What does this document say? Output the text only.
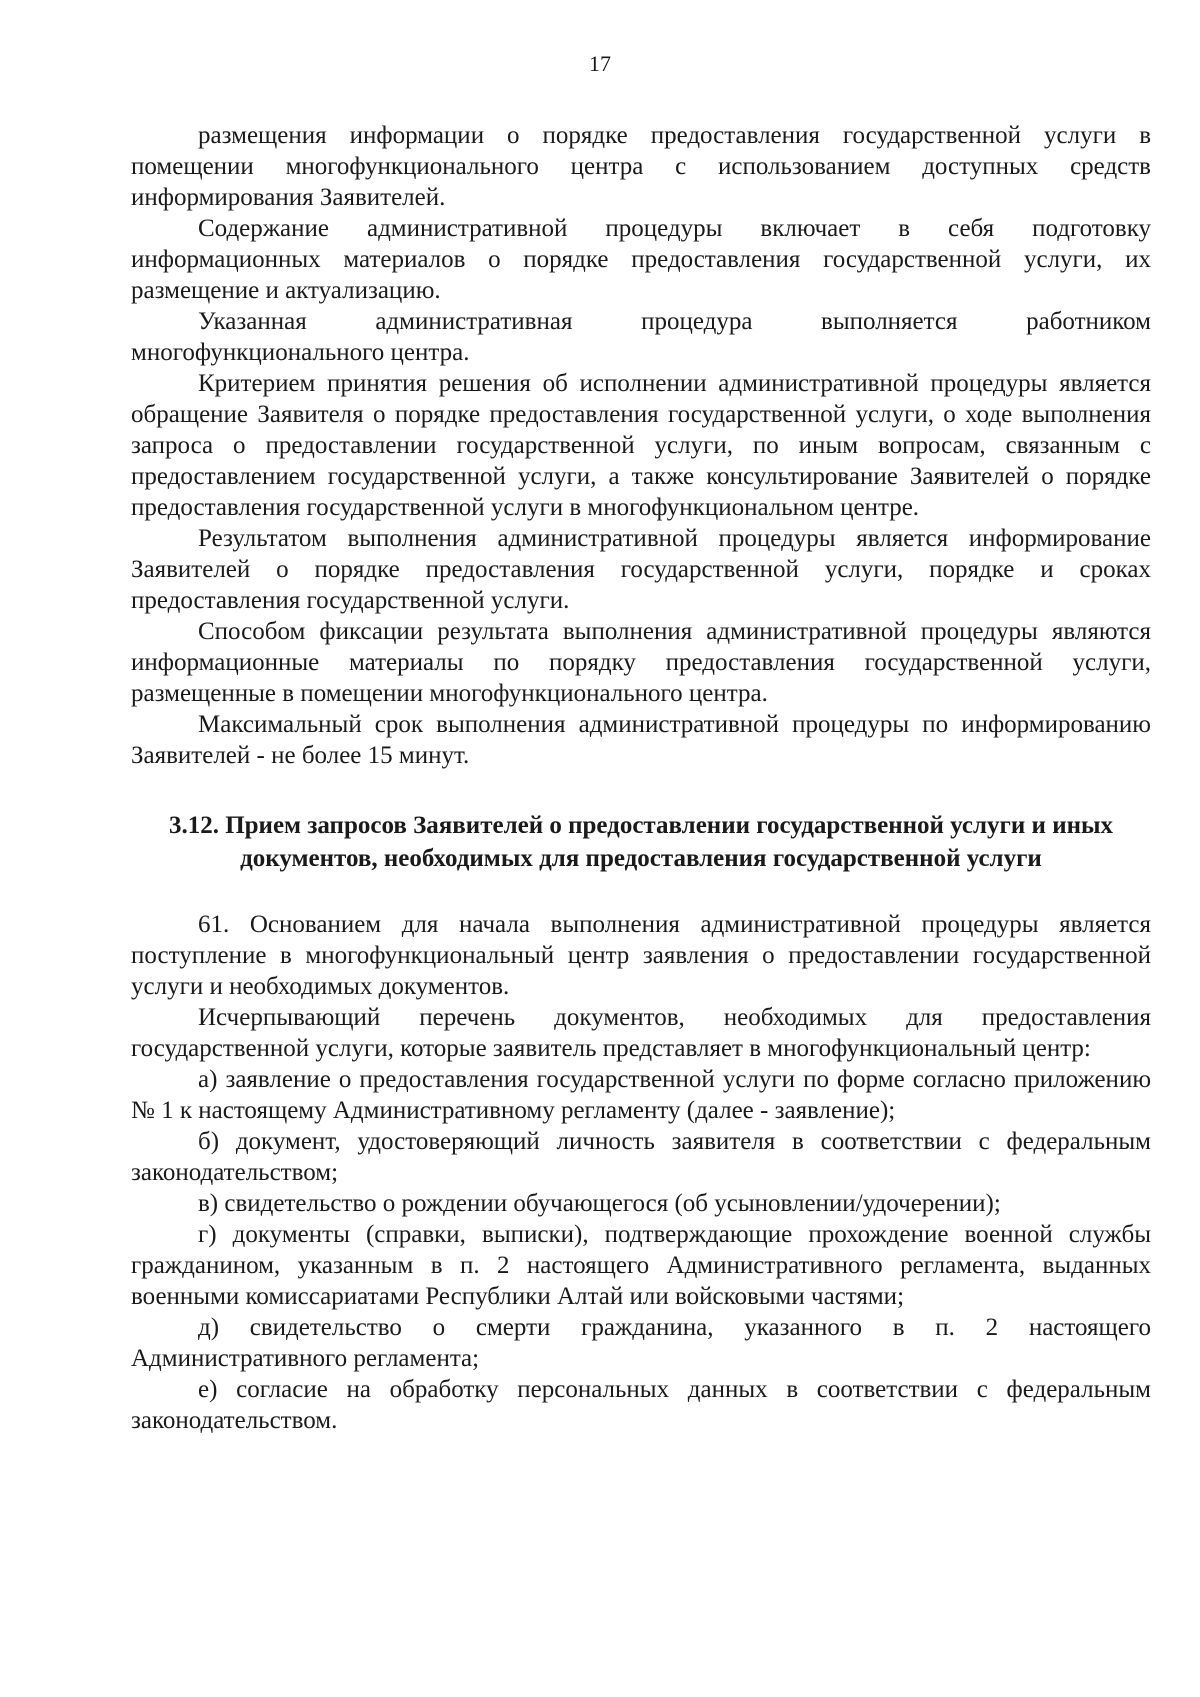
17

размещения информации о порядке предоставления государственной услуги в помещении многофункционального центра с использованием доступных средств информирования Заявителей.

Содержание административной процедуры включает в себя подготовку информационных материалов о порядке предоставления государственной услуги, их размещение и актуализацию.

Указанная административная процедура выполняется работником многофункционального центра.

Критерием принятия решения об исполнении административной процедуры является обращение Заявителя о порядке предоставления государственной услуги, о ходе выполнения запроса о предоставлении государственной услуги, по иным вопросам, связанным с предоставлением государственной услуги, а также консультирование Заявителей о порядке предоставления государственной услуги в многофункциональном центре.

Результатом выполнения административной процедуры является информирование Заявителей о порядке предоставления государственной услуги, порядке и сроках предоставления государственной услуги.

Способом фиксации результата выполнения административной процедуры являются информационные материалы по порядку предоставления государственной услуги, размещенные в помещении многофункционального центра.

Максимальный срок выполнения административной процедуры по информированию Заявителей - не более 15 минут.

3.12. Прием запросов Заявителей о предоставлении государственной услуги и иных документов, необходимых для предоставления государственной услуги

61. Основанием для начала выполнения административной процедуры является поступление в многофункциональный центр заявления о предоставлении государственной услуги и необходимых документов.

Исчерпывающий перечень документов, необходимых для предоставления государственной услуги, которые заявитель представляет в многофункциональный центр:

а) заявление о предоставления государственной услуги по форме согласно приложению № 1 к настоящему Административному регламенту (далее - заявление);

б) документ, удостоверяющий личность заявителя в соответствии с федеральным законодательством;

в) свидетельство о рождении обучающегося (об усыновлении/удочерении);

г) документы (справки, выписки), подтверждающие прохождение военной службы гражданином, указанным в п. 2 настоящего Административного регламента, выданных военными комиссариатами Республики Алтай или войсковыми частями;

д) свидетельство о смерти гражданина, указанного в п. 2 настоящего Административного регламента;

е) согласие на обработку персональных данных в соответствии с федеральным законодательством.
